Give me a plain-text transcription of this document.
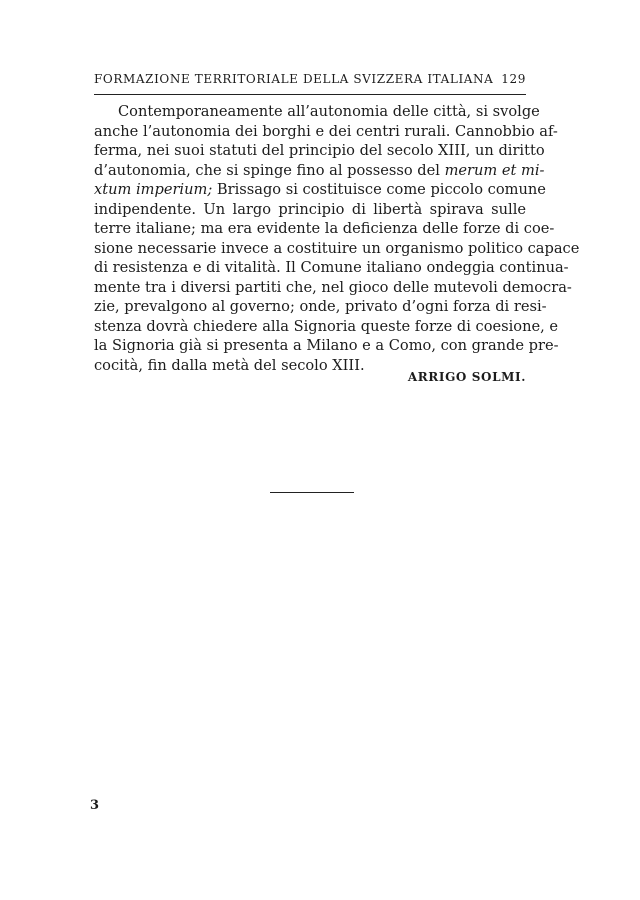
FORMAZIONE TERRITORIALE DELLA SVIZZERA ITALIANA 129

Contemporaneamente all’autonomia delle città, si svolge
anche l’autonomia dei borghi e dei centri rurali. Cannobbio af-
ferma, nei suoi statuti del principio del secolo XIII, un diritto
d’autonomia, che si spinge fino al possesso del merum et mi-
xtum imperium; Brissago si costituisce come piccolo comune
indipendente. Un largo principio di libertà spirava sulle
terre italiane; ma era evidente la deficienza delle forze di coe-
sione necessarie invece a costituire un organismo politico capace
di resistenza e di vitalità. Il Comune italiano ondeggia continua-
mente tra i diversi partiti che, nel gioco delle mutevoli democra-
zie, prevalgono al governo; onde, privato d’ogni forza di resi-
stenza dovrà chiedere alla Signoria queste forze di coesione, e
la Signoria già si presenta a Milano e a Como, con grande pre-
cocità, fin dalla metà del secolo XIII.

ARRIGO SOLMI.
3
